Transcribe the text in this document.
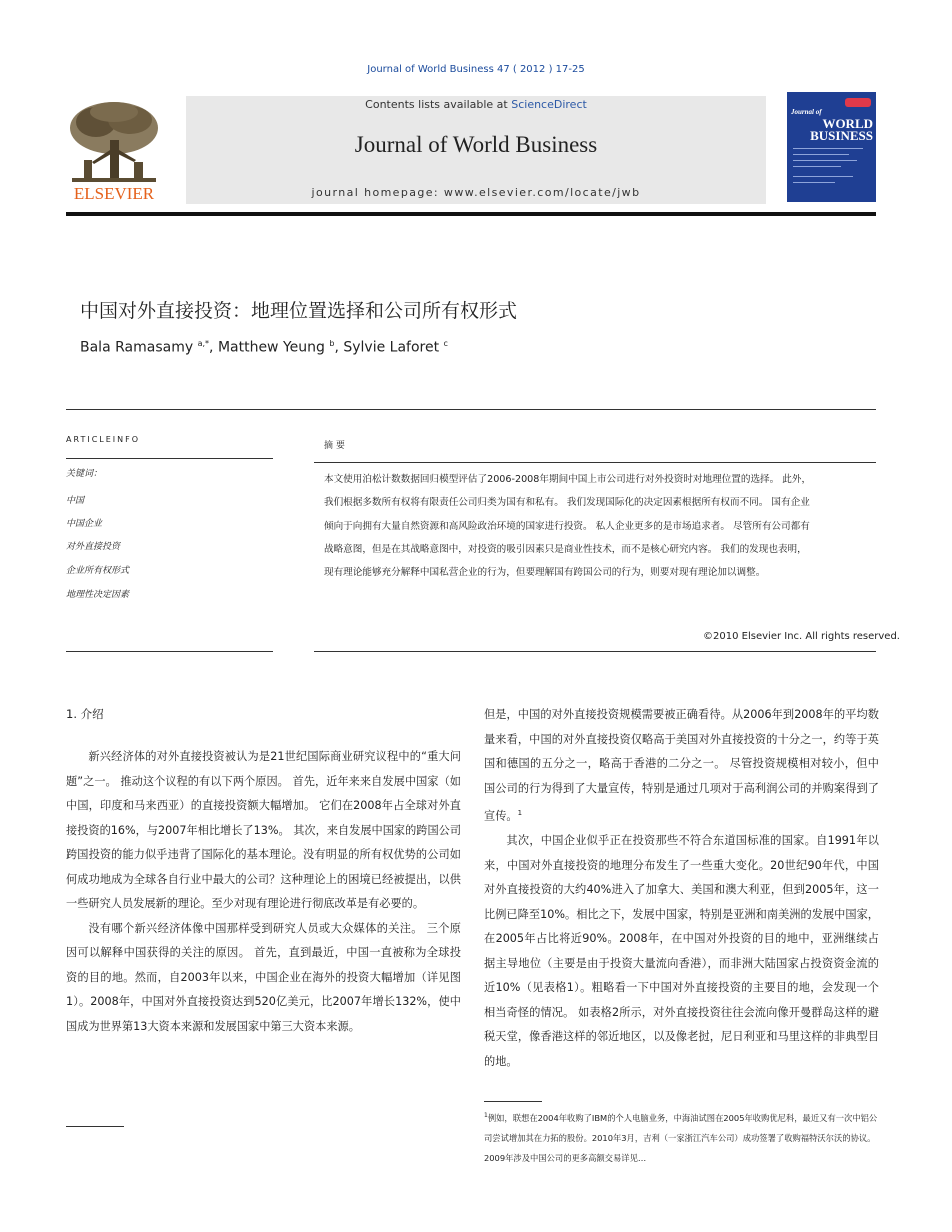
Journal of World Business 47 ( 2012 ) 17-25
ELSEVIER
Contents lists available at ScienceDirect
Journal of World Business
journal homepage: www.elsevier.com/locate/jwb
Journal of
WORLD
BUSINESS
中国对外直接投资：地理位置选择和公司所有权形式
Bala Ramasamy $^{a,*}$, Matthew Yeung $^b$, Sylvie Laforet $^c$
ARTICLEINFO
关键词：
中国
中国企业
对外直接投资
企业所有权形式
地理性决定因素
摘 要
本文使用泊松计数数据回归模型评估了2006-2008年期间中国上市公司进行对外投资时对地理位置的选择。 此外，
我们根据多数所有权将有限责任公司归类为国有和私有。 我们发现国际化的决定因素根据所有权而不同。 国有企业
倾向于向拥有大量自然资源和高风险政治环境的国家进行投资。 私人企业更多的是市场追求者。 尽管所有公司都有
战略意图，但是在其战略意图中，对投资的吸引因素只是商业性技术，而不是核心研究内容。 我们的发现也表明，
现有理论能够充分解释中国私营企业的行为，但要理解国有跨国公司的行为，则要对现有理论加以调整。
©2010 Elsevier Inc. All rights reserved.
1. 介绍

新兴经济体的对外直接投资被认为是21世纪国际商业研究议程中的“重大问题”之一。 推动这个议程的有以下两个原因。 首先，近年来来自发展中国家（如中国，印度和马来西亚）的直接投资额大幅增加。 它们在2008年占全球对外直接投资的16%，与2007年相比增长了13%。 其次，来自发展中国家的跨国公司跨国投资的能力似乎违背了国际化的基本理论。没有明显的所有权优势的公司如何成功地成为全球各自行业中最大的公司？这种理论上的困境已经被提出，以供一些研究人员发展新的理论。至少对现有理论进行彻底改革是有必要的。

没有哪个新兴经济体像中国那样受到研究人员或大众媒体的关注。 三个原因可以解释中国获得的关注的原因。 首先，直到最近，中国一直被称为全球投资的目的地。然而，自2003年以来，中国企业在海外的投资大幅增加（详见图1）。2008年，中国对外直接投资达到520亿美元，比2007年增长132%，使中国成为世界第13大资本来源和发展国家中第三大资本来源。

但是，中国的对外直接投资规模需要被正确看待。从2006年到2008年的平均数量来看，中国的对外直接投资仅略高于美国对外直接投资的十分之一，约等于英国和德国的五分之一，略高于香港的二分之一。 尽管投资规模相对较小，但中国公司的行为得到了大量宣传，特别是通过几项对于高利润公司的并购案得到了宣传。$^1$

其次，中国企业似乎正在投资那些不符合东道国标准的国家。自1991年以来，中国对外直接投资的地理分布发生了一些重大变化。20世纪90年代，中国对外直接投资的大约40%进入了加拿大、美国和澳大利亚，但到2005年，这一比例已降至10%。相比之下，发展中国家，特别是亚洲和南美洲的发展中国家，在2005年占比将近90%。2008年，在中国对外投资的目的地中，亚洲继续占据主导地位（主要是由于投资大量流向香港），而非洲大陆国家占投资资金流的近10%（见表格1）。粗略看一下中国对外直接投资的主要目的地，会发现一个相当奇怪的情况。 如表格2所示，对外直接投资往往会流向像开曼群岛这样的避税天堂，像香港这样的邻近地区，以及像老挝，尼日利亚和马里这样的非典型目的地。

$^1$例如，联想在2004年收购了IBM的个人电脑业务，中海油试图在2005年收购优尼科，最近又有一次中铝公司尝试增加其在力拓的股份。2010年3月，吉利（一家浙江汽车公司）成功签署了收购福特沃尔沃的协议。 2009年涉及中国公司的更多高额交易详见…
